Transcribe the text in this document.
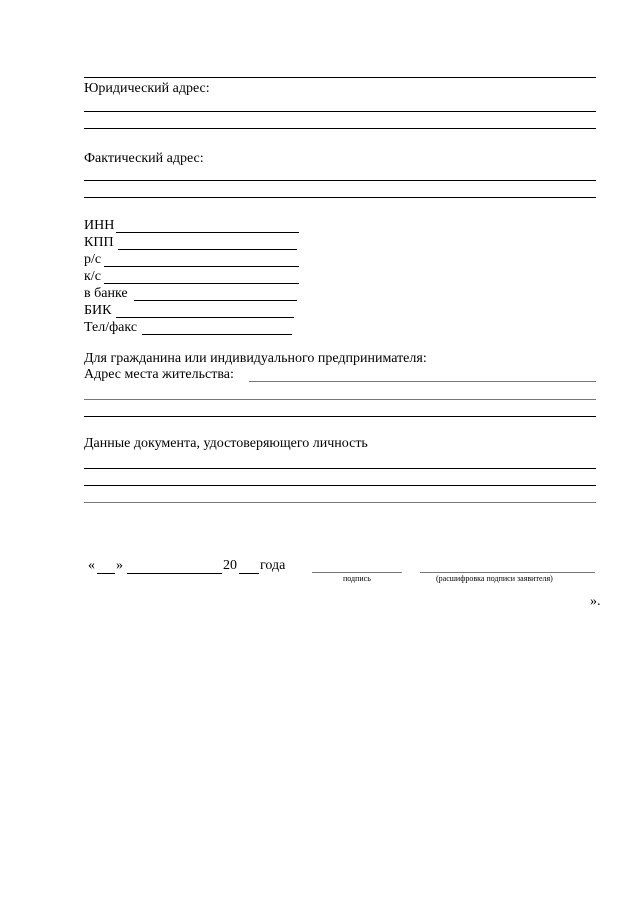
Юридический адрес:
Фактический адрес:
ИНН
КПП
р/с
к/с
в банке
БИК
Тел/факс
Для гражданина или индивидуального предпринимателя:
Адрес места жительства:
Данные документа, удостоверяющего личность
« »	20 года
подпись	(расшифровка подписи заявителя)
».
